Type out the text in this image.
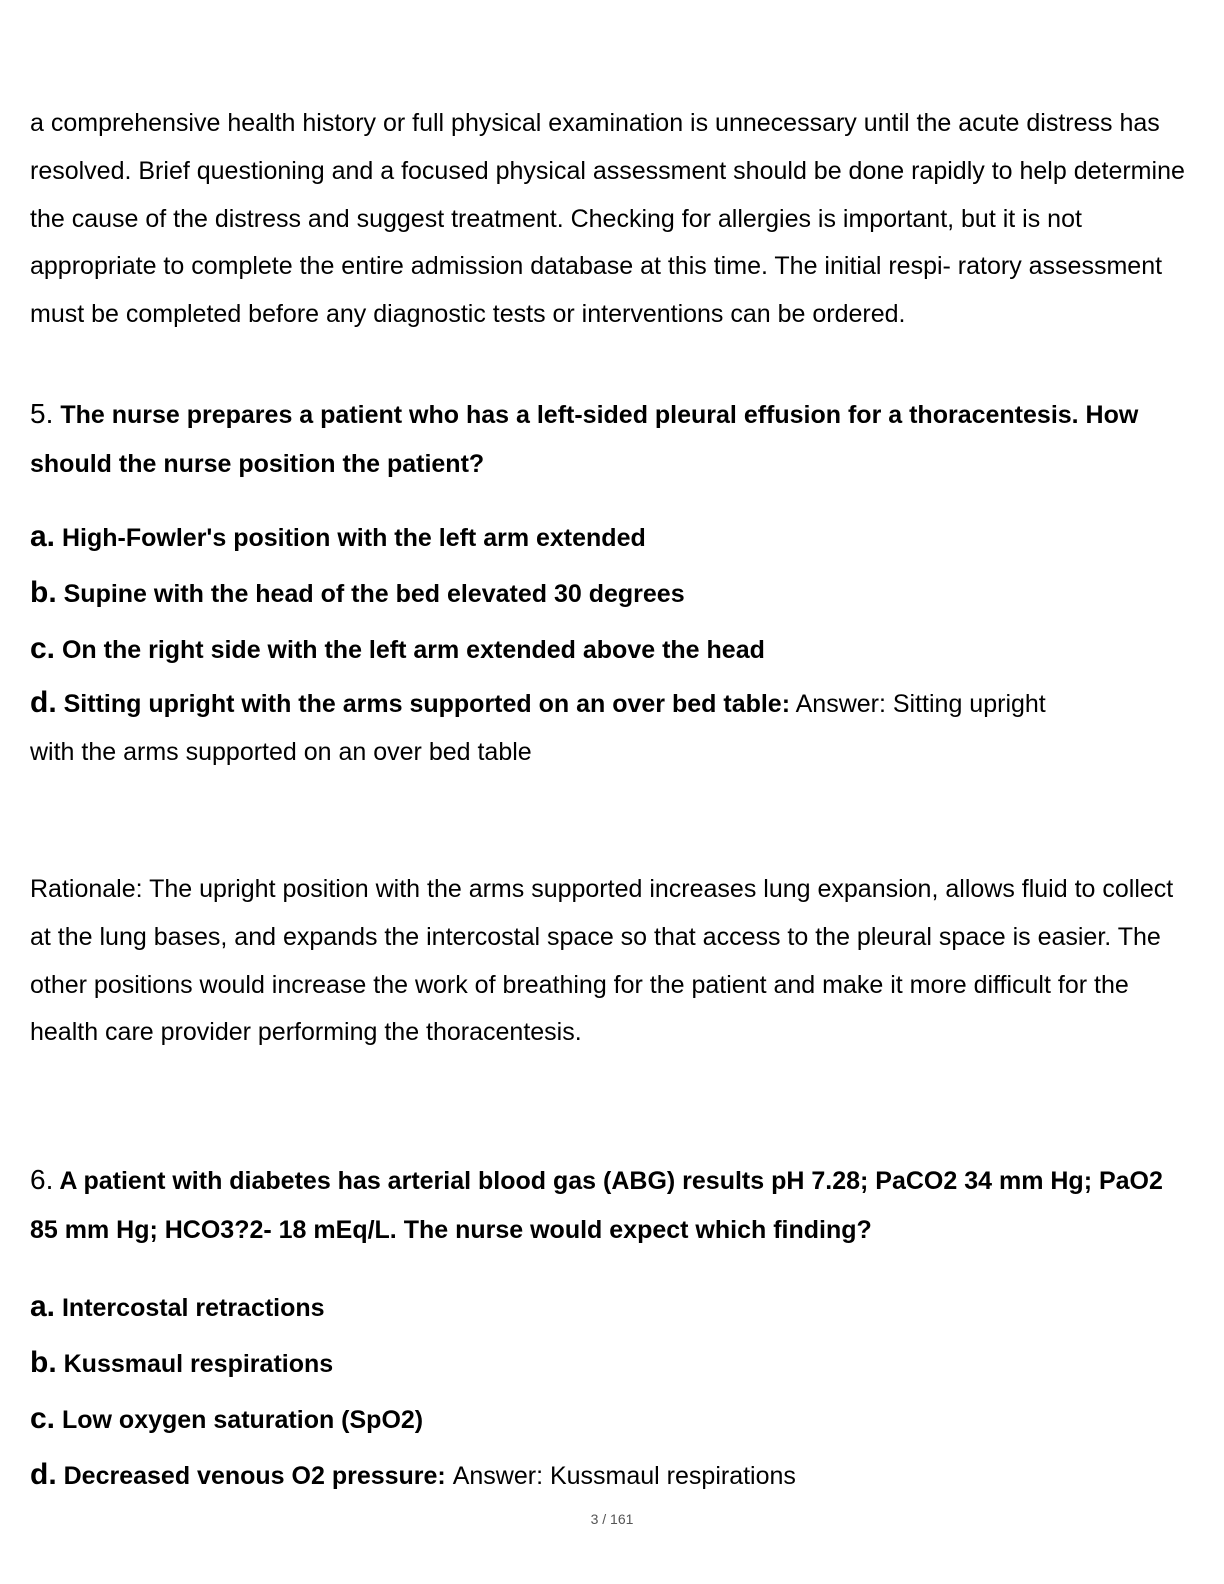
a comprehensive health history or full physical examination is unnecessary until the acute distress has resolved. Brief questioning and a focused physical assessment should be done rapidly to help determine the cause of the distress and suggest treatment. Checking for allergies is important, but it is not appropriate to complete the entire admission database at this time. The initial respi- ratory assessment must be completed before any diagnostic tests or interventions can be ordered.

5. The nurse prepares a patient who has a left-sided pleural effusion for a thoracentesis. How should the nurse position the patient?

a. High-Fowler's position with the left arm extended

b. Supine with the head of the bed elevated 30 degrees

c. On the right side with the left arm extended above the head

d. Sitting upright with the arms supported on an over bed table: Answer: Sitting upright
with the arms supported on an over bed table

Rationale: The upright position with the arms supported increases lung expansion, allows fluid to collect at the lung bases, and expands the intercostal space so that access to the pleural space is easier. The other positions would increase the work of breathing for the patient and make it more difficult for the health care provider performing the thoracentesis.

6. A patient with diabetes has arterial blood gas (ABG) results pH 7.28; PaCO2 34 mm Hg; PaO2 85 mm Hg; HCO3?2- 18 mEq/L. The nurse would expect which finding?

a. Intercostal retractions

b. Kussmaul respirations

c. Low oxygen saturation (SpO2)

d. Decreased venous O2 pressure: Answer: Kussmaul respirations

3 / 161
